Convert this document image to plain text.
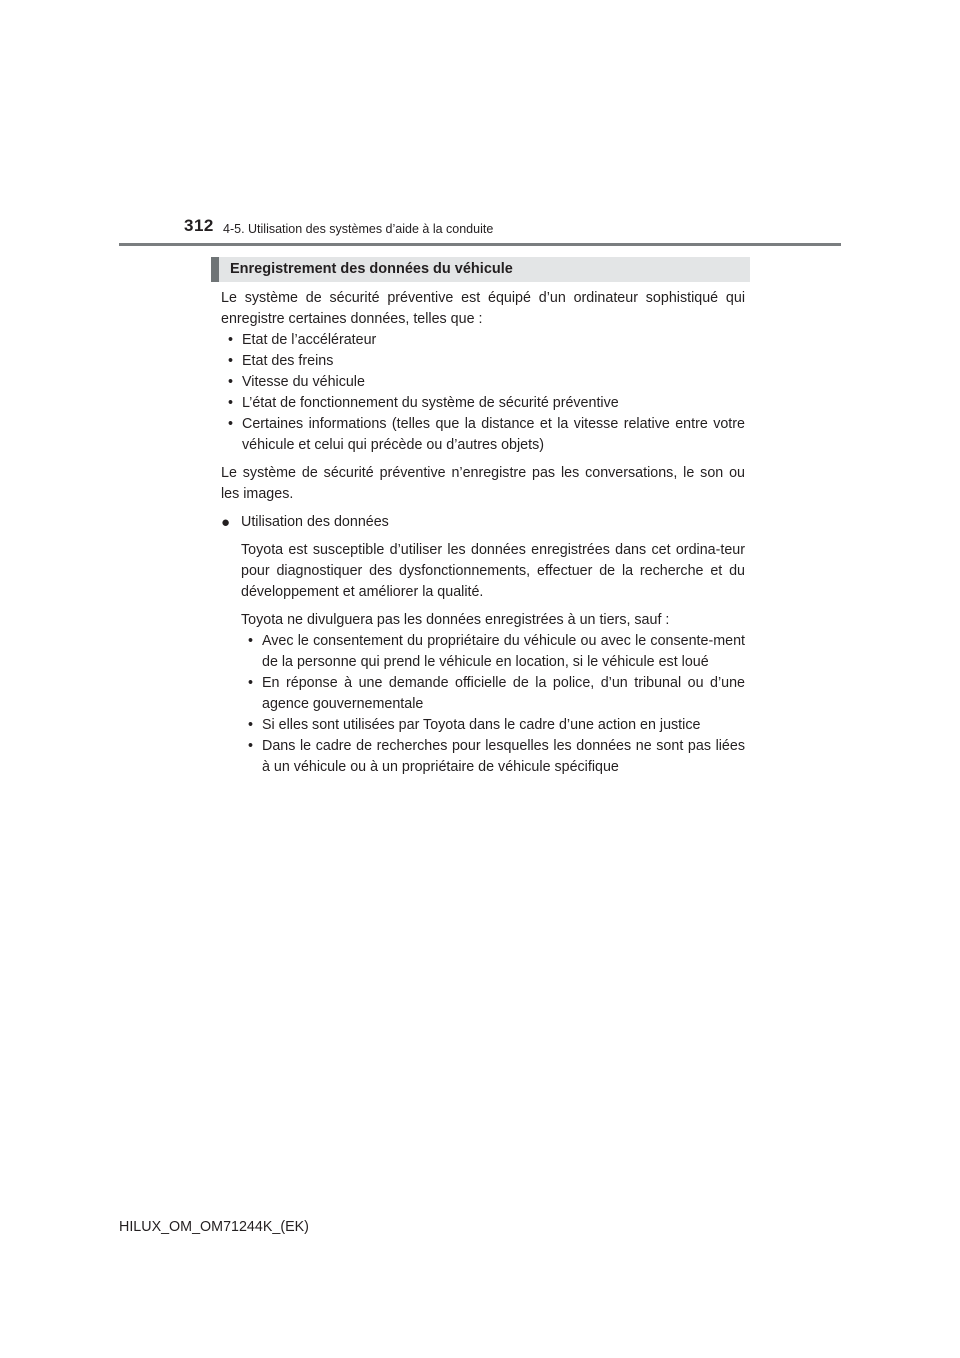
312 4-5. Utilisation des systèmes d’aide à la conduite
Enregistrement des données du véhicule

Le système de sécurité préventive est équipé d’un ordinateur sophistiqué qui enregistre certaines données, telles que :

• Etat de l’accélérateur
• Etat des freins
• Vitesse du véhicule
• L’état de fonctionnement du système de sécurité préventive
• Certaines informations (telles que la distance et la vitesse relative entre votre véhicule et celui qui précède ou d’autres objets)

Le système de sécurité préventive n’enregistre pas les conversations, le son ou les images.

● Utilisation des données

Toyota est susceptible d’utiliser les données enregistrées dans cet ordina-teur pour diagnostiquer des dysfonctionnements, effectuer de la recherche et du développement et améliorer la qualité.

Toyota ne divulguera pas les données enregistrées à un tiers, sauf :

• Avec le consentement du propriétaire du véhicule ou avec le consente-ment de la personne qui prend le véhicule en location, si le véhicule est loué
• En réponse à une demande officielle de la police, d’un tribunal ou d’une agence gouvernementale
• Si elles sont utilisées par Toyota dans le cadre d’une action en justice
• Dans le cadre de recherches pour lesquelles les données ne sont pas liées à un véhicule ou à un propriétaire de véhicule spécifique
HILUX_OM_OM71244K_(EK)
